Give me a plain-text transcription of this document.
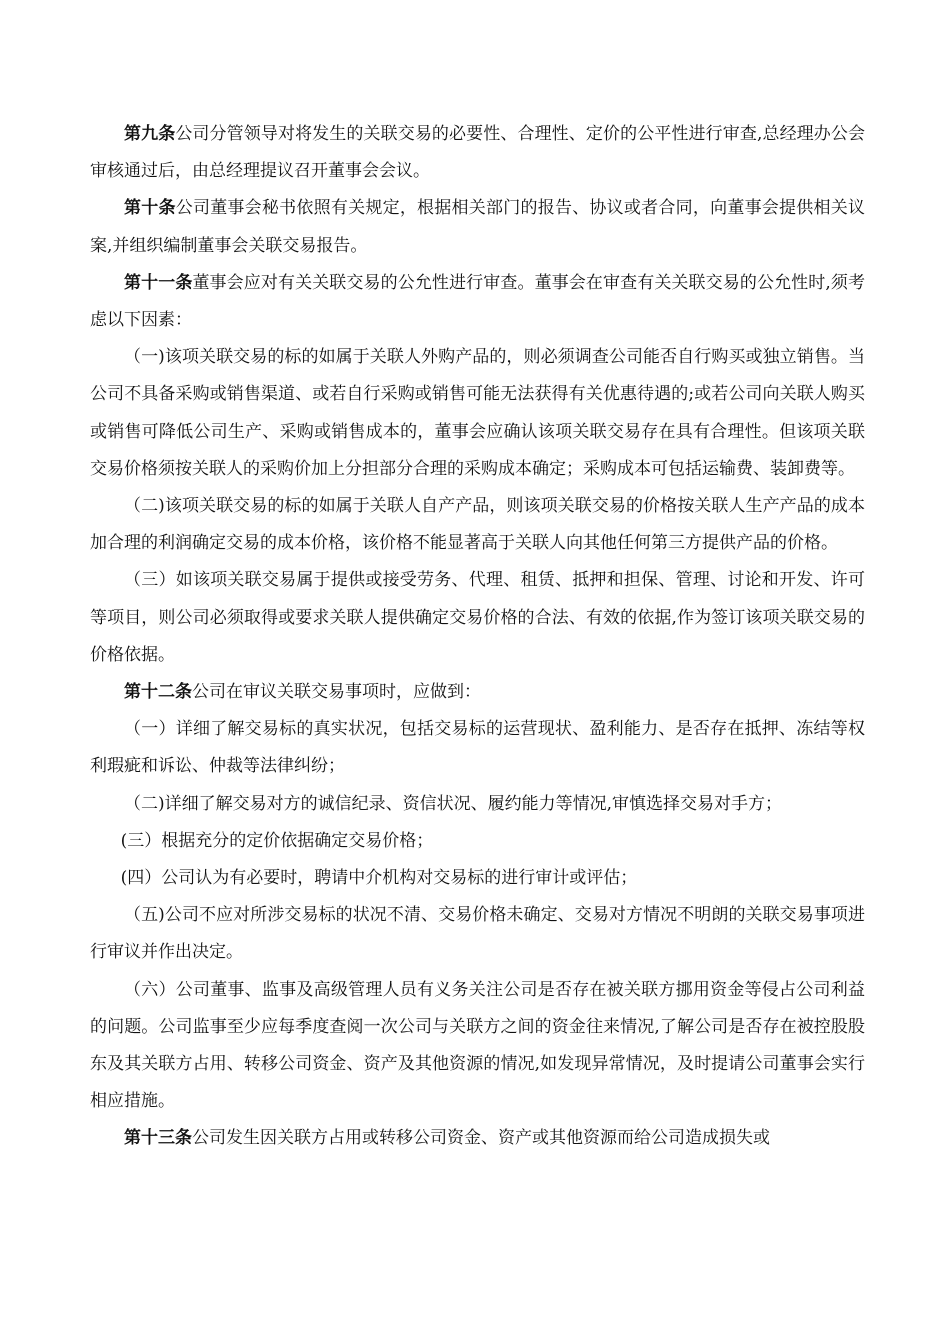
第九条公司分管领导对将发生的关联交易的必要性、合理性、定价的公平性进行审查,总经理办公会审核通过后，由总经理提议召开董事会会议。

第十条公司董事会秘书依照有关规定，根据相关部门的报告、协议或者合同，向董事会提供相关议案,并组织编制董事会关联交易报告。

第十一条董事会应对有关关联交易的公允性进行审查。董事会在审查有关关联交易的公允性时,须考虑以下因素：

（一)该项关联交易的标的如属于关联人外购产品的，则必须调查公司能否自行购买或独立销售。当公司不具备采购或销售渠道、或若自行采购或销售可能无法获得有关优惠待遇的;或若公司向关联人购买或销售可降低公司生产、采购或销售成本的，董事会应确认该项关联交易存在具有合理性。但该项关联交易价格须按关联人的采购价加上分担部分合理的采购成本确定；采购成本可包括运输费、装卸费等。

（二)该项关联交易的标的如属于关联人自产产品，则该项关联交易的价格按关联人生产产品的成本加合理的利润确定交易的成本价格，该价格不能显著高于关联人向其他任何第三方提供产品的价格。

（三）如该项关联交易属于提供或接受劳务、代理、租赁、抵押和担保、管理、讨论和开发、许可等项目，则公司必须取得或要求关联人提供确定交易价格的合法、有效的依据,作为签订该项关联交易的价格依据。

第十二条公司在审议关联交易事项时，应做到：

（一）详细了解交易标的真实状况，包括交易标的运营现状、盈利能力、是否存在抵押、冻结等权利瑕疵和诉讼、仲裁等法律纠纷；

（二)详细了解交易对方的诚信纪录、资信状况、履约能力等情况,审慎选择交易对手方；

(三）根据充分的定价依据确定交易价格；

(四）公司认为有必要时，聘请中介机构对交易标的进行审计或评估；

（五)公司不应对所涉交易标的状况不清、交易价格未确定、交易对方情况不明朗的关联交易事项进行审议并作出决定。

（六）公司董事、监事及高级管理人员有义务关注公司是否存在被关联方挪用资金等侵占公司利益的问题。公司监事至少应每季度查阅一次公司与关联方之间的资金往来情况,了解公司是否存在被控股股东及其关联方占用、转移公司资金、资产及其他资源的情况,如发现异常情况，及时提请公司董事会实行相应措施。

第十三条公司发生因关联方占用或转移公司资金、资产或其他资源而给公司造成损失或
